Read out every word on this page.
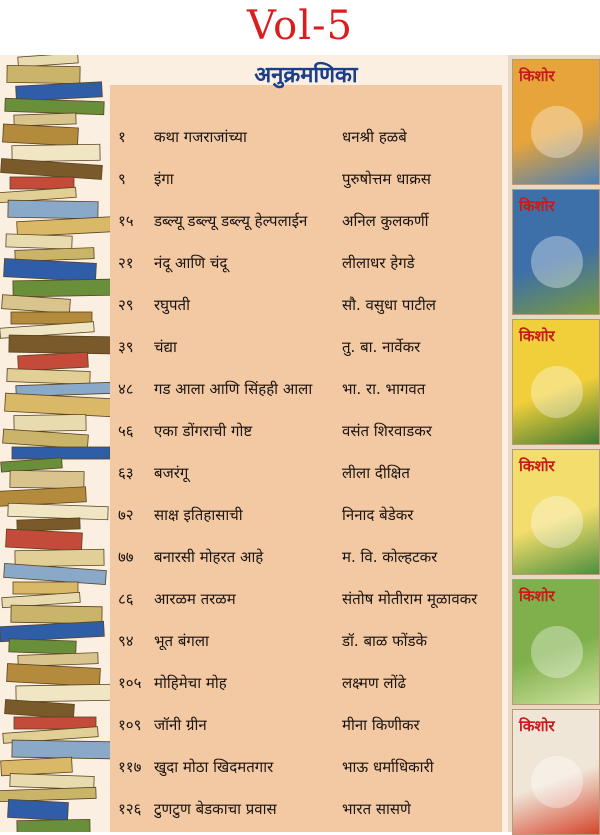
Vol-5
अनुक्रमणिका
१	कथा गजराजांच्या	धनश्री हळबे
९	इंगा	पुरुषोत्तम धाक्रस
१५	डब्ल्यू डब्ल्यू डब्ल्यू हेल्पलाईन	अनिल कुलकर्णी
२१	नंदू आणि चंदू	लीलाधर हेगडे
२९	रघुपती	सौ. वसुधा पाटील
३९	चंद्या	तु. बा. नार्वेकर
४८	गड आला आणि सिंहही आला	भा. रा. भागवत
५६	एका डोंगराची गोष्ट	वसंत शिरवाडकर
६३	बजरंगू	लीला दीक्षित
७२	साक्ष इतिहासाची	निनाद बेडेकर
७७	बनारसी मोहरत आहे	म. वि. कोल्हटकर
८६	आरळम तरळम	संतोष मोतीराम मूळावकर
९४	भूत बंगला	डॉ. बाळ फोंडके
१०५ मोहिमेचा मोह	लक्ष्मण लोंढे
१०९ जॉनी ग्रीन	मीना किणीकर
११७ खुदा मोठा खिदमतगार	भाऊ धर्माधिकारी
१२६ टुणटुण बेडकाचा प्रवास	भारत सासणे
किशोर
किशोर
किशोर
किशोर
किशोर
किशोर
